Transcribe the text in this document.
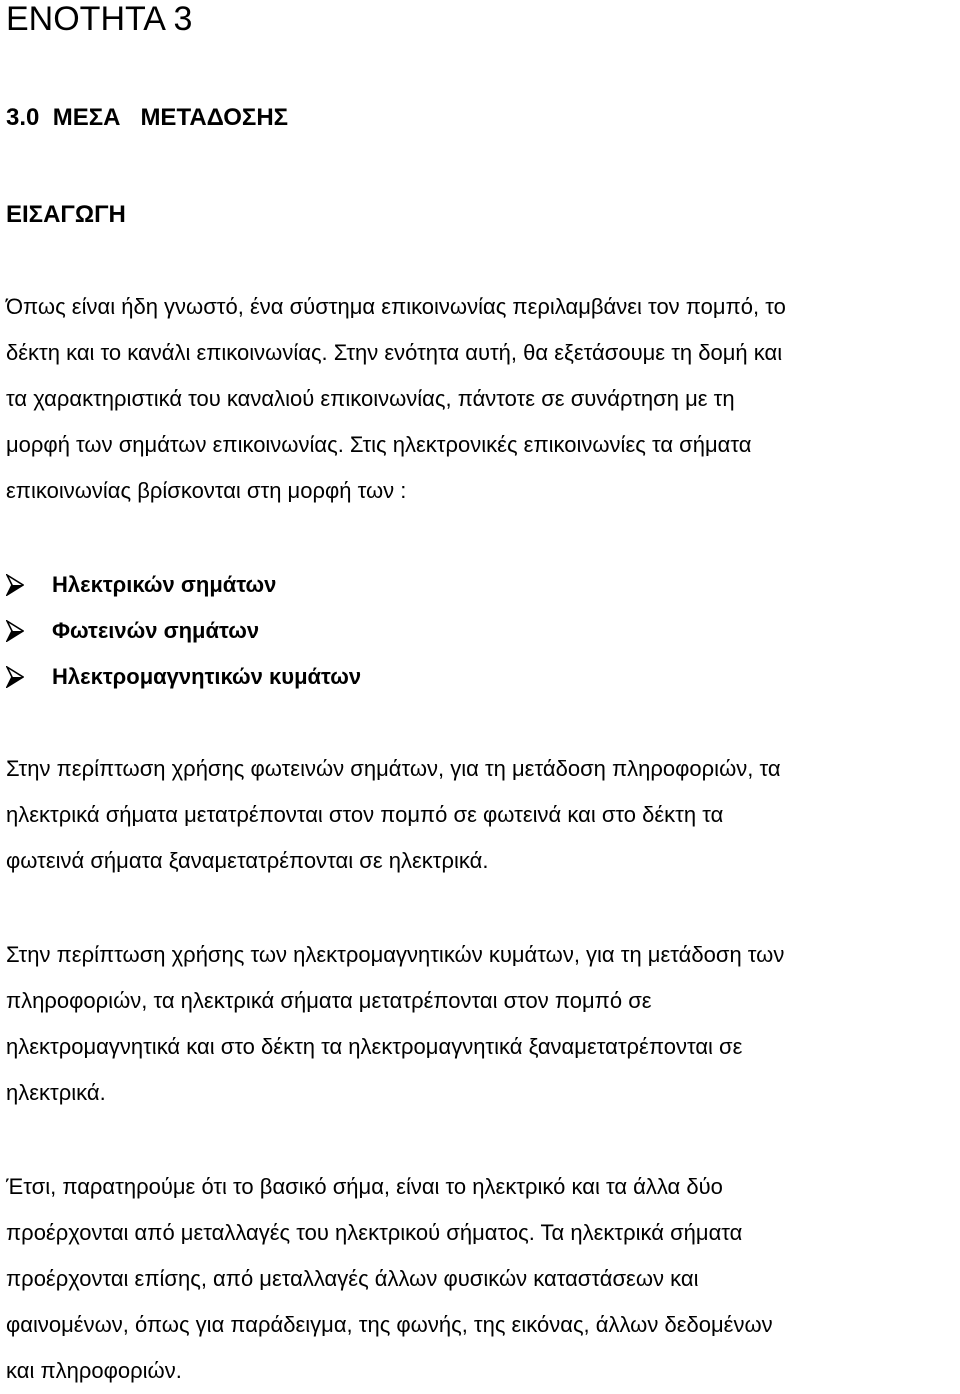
ΕΝΟΤΗΤΑ 3
3.0  ΜΕΣΑ   ΜΕΤΑΔΟΣΗΣ
ΕΙΣΑΓΩΓΗ

Όπως είναι ήδη γνωστό, ένα σύστημα επικοινωνίας περιλαμβάνει τον πομπό, το
δέκτη και το κανάλι επικοινωνίας. Στην ενότητα αυτή, θα εξετάσουμε τη δομή και
τα χαρακτηριστικά του καναλιού επικοινωνίας, πάντοτε σε συνάρτηση με τη
μορφή των σημάτων επικοινωνίας. Στις ηλεκτρονικές επικοινωνίες τα σήματα
επικοινωνίας βρίσκονται στη μορφή των :

Ηλεκτρικών σημάτων
Φωτεινών σημάτων
Ηλεκτρομαγνητικών κυμάτων

Στην περίπτωση χρήσης φωτεινών σημάτων, για τη μετάδοση πληροφοριών, τα
ηλεκτρικά σήματα μετατρέπονται στον πομπό σε φωτεινά και στο δέκτη τα
φωτεινά σήματα ξαναμετατρέπονται σε ηλεκτρικά.

Στην περίπτωση χρήσης των ηλεκτρομαγνητικών κυμάτων, για τη μετάδοση των
πληροφοριών, τα ηλεκτρικά σήματα μετατρέπονται στον πομπό σε
ηλεκτρομαγνητικά και στο δέκτη τα ηλεκτρομαγνητικά ξαναμετατρέπονται σε
ηλεκτρικά.

Έτσι, παρατηρούμε ότι το βασικό σήμα, είναι το ηλεκτρικό και τα άλλα δύο
προέρχονται από μεταλλαγές του ηλεκτρικού σήματος. Τα ηλεκτρικά σήματα
προέρχονται επίσης, από μεταλλαγές άλλων φυσικών καταστάσεων και
φαινομένων, όπως για παράδειγμα, της φωνής, της εικόνας, άλλων δεδομένων
και πληροφοριών.
